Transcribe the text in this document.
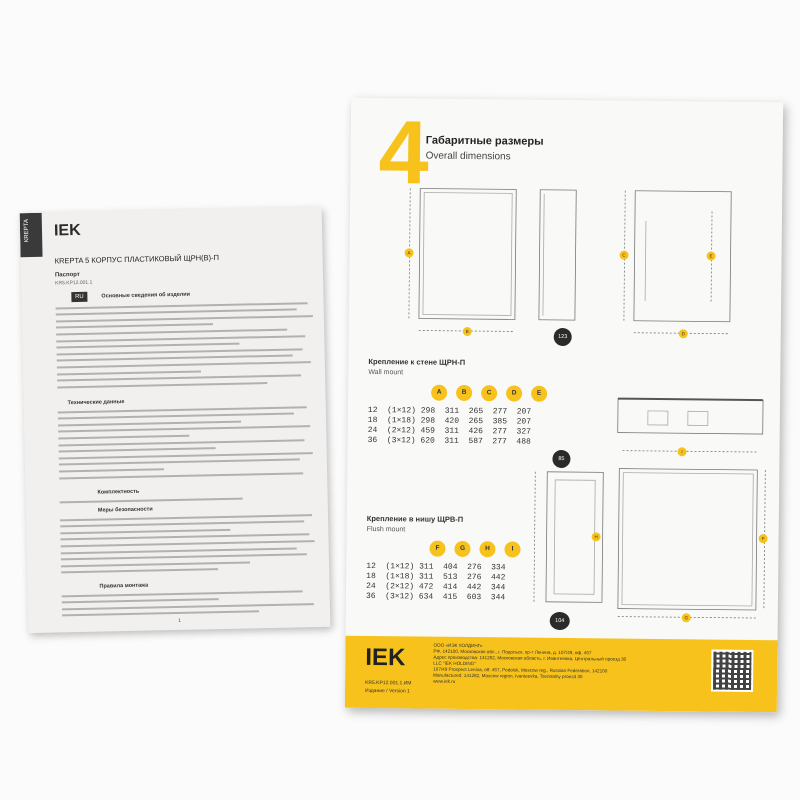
КREPTA IEK
КREPTA 5 КОРПУС ПЛАСТИКОВЫЙ ЩРН(В)-П
Паспорт
KR5.KP12.001.1
RU	Основные сведения об изделии
Технические данные
Комплектность
Меры безопасности
Правила монтажа
1
4
Габаритные размеры
Overall dimensions
A
B
C	E
D
I
H	F
G
123
85
104
Крепление к стене ЩРН-П
Wall mount
A	B	C	D	E
12  (1×12) 298  311  265  277  207
18  (1×18) 298  420  265  385  207
24  (2×12) 459  311  426  277  327
36  (3×12) 620  311  587  277  488
Крепление в нишу ЩРВ-П
Flush mount
F	G	H	I
12  (1×12) 311  404  276  334
18  (1×18) 311  513  276  442
24  (2×12) 472  414  442  344
36  (3×12) 634  415  603  344
IEK
KR5.KP12.001.1.ИМ
Издание / Version 1
ООО «ИЭК ХОЛДИНГ»
РФ, 142100, Московская обл., г. Подольск, пр-т Ленина, д. 107/49, оф. 457
Адрес производства: 141282, Московская область, г. Ивантеевка, Центральный проезд 30
LLC "IEK HOLDING"
107/49 Prospect Lenina, off. 457, Podolsk, Moscow reg., Russian Federation, 142100
Manufactured: 141282, Moscow region, Ivanteevka, Tsentralny proezd 30
www.iek.ru
